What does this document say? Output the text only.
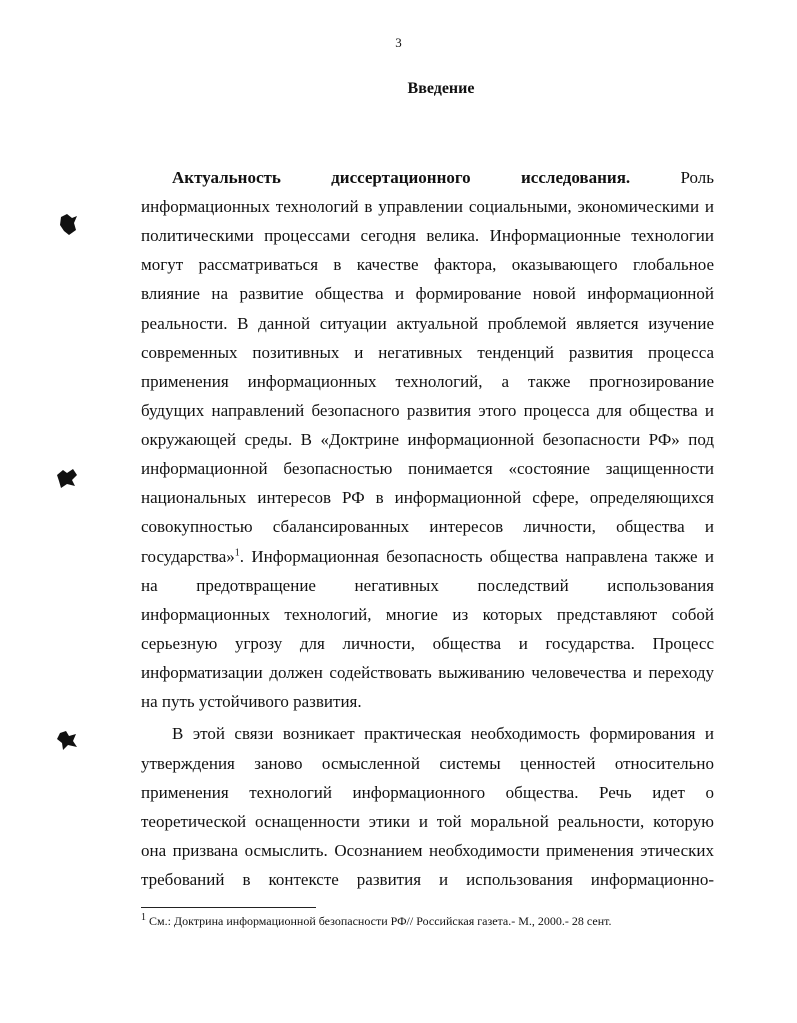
3
Введение
Актуальность	диссертационного	исследования.	Роль
информационных технологий в управлении социальными, экономическими и
политическими процессами сегодня велика. Информационные технологии
могут рассматриваться в качестве фактора, оказывающего глобальное
влияние на развитие общества и формирование новой информационной
реальности. В данной ситуации актуальной проблемой является изучение
современных позитивных и негативных тенденций развития процесса
применения информационных технологий, а также прогнозирование
будущих направлений безопасного развития этого процесса для общества и
окружающей среды. В «Доктрине информационной безопасности РФ» под
информационной безопасностью понимается «состояние защищенности
национальных интересов РФ в информационной сфере, определяющихся
совокупностью сбалансированных интересов личности, общества и
государства»$^1$. Информационная безопасность общества направлена также и
на предотвращение негативных последствий использования
информационных технологий, многие из которых представляют собой
серьезную угрозу для личности, общества и государства. Процесс
информатизации должен содействовать выживанию человечества и переходу
на путь устойчивого развития.
В этой связи возникает практическая необходимость формирования и
утверждения заново осмысленной системы ценностей относительно
применения технологий информационного общества. Речь идет о
теоретической оснащенности этики и той моральной реальности, которую
она призвана осмыслить. Осознанием необходимости применения этических
требований в контексте развития и использования информационно-
$^1$ См.: Доктрина информационной безопасности РФ// Российская газета.- М., 2000.- 28 сент.
